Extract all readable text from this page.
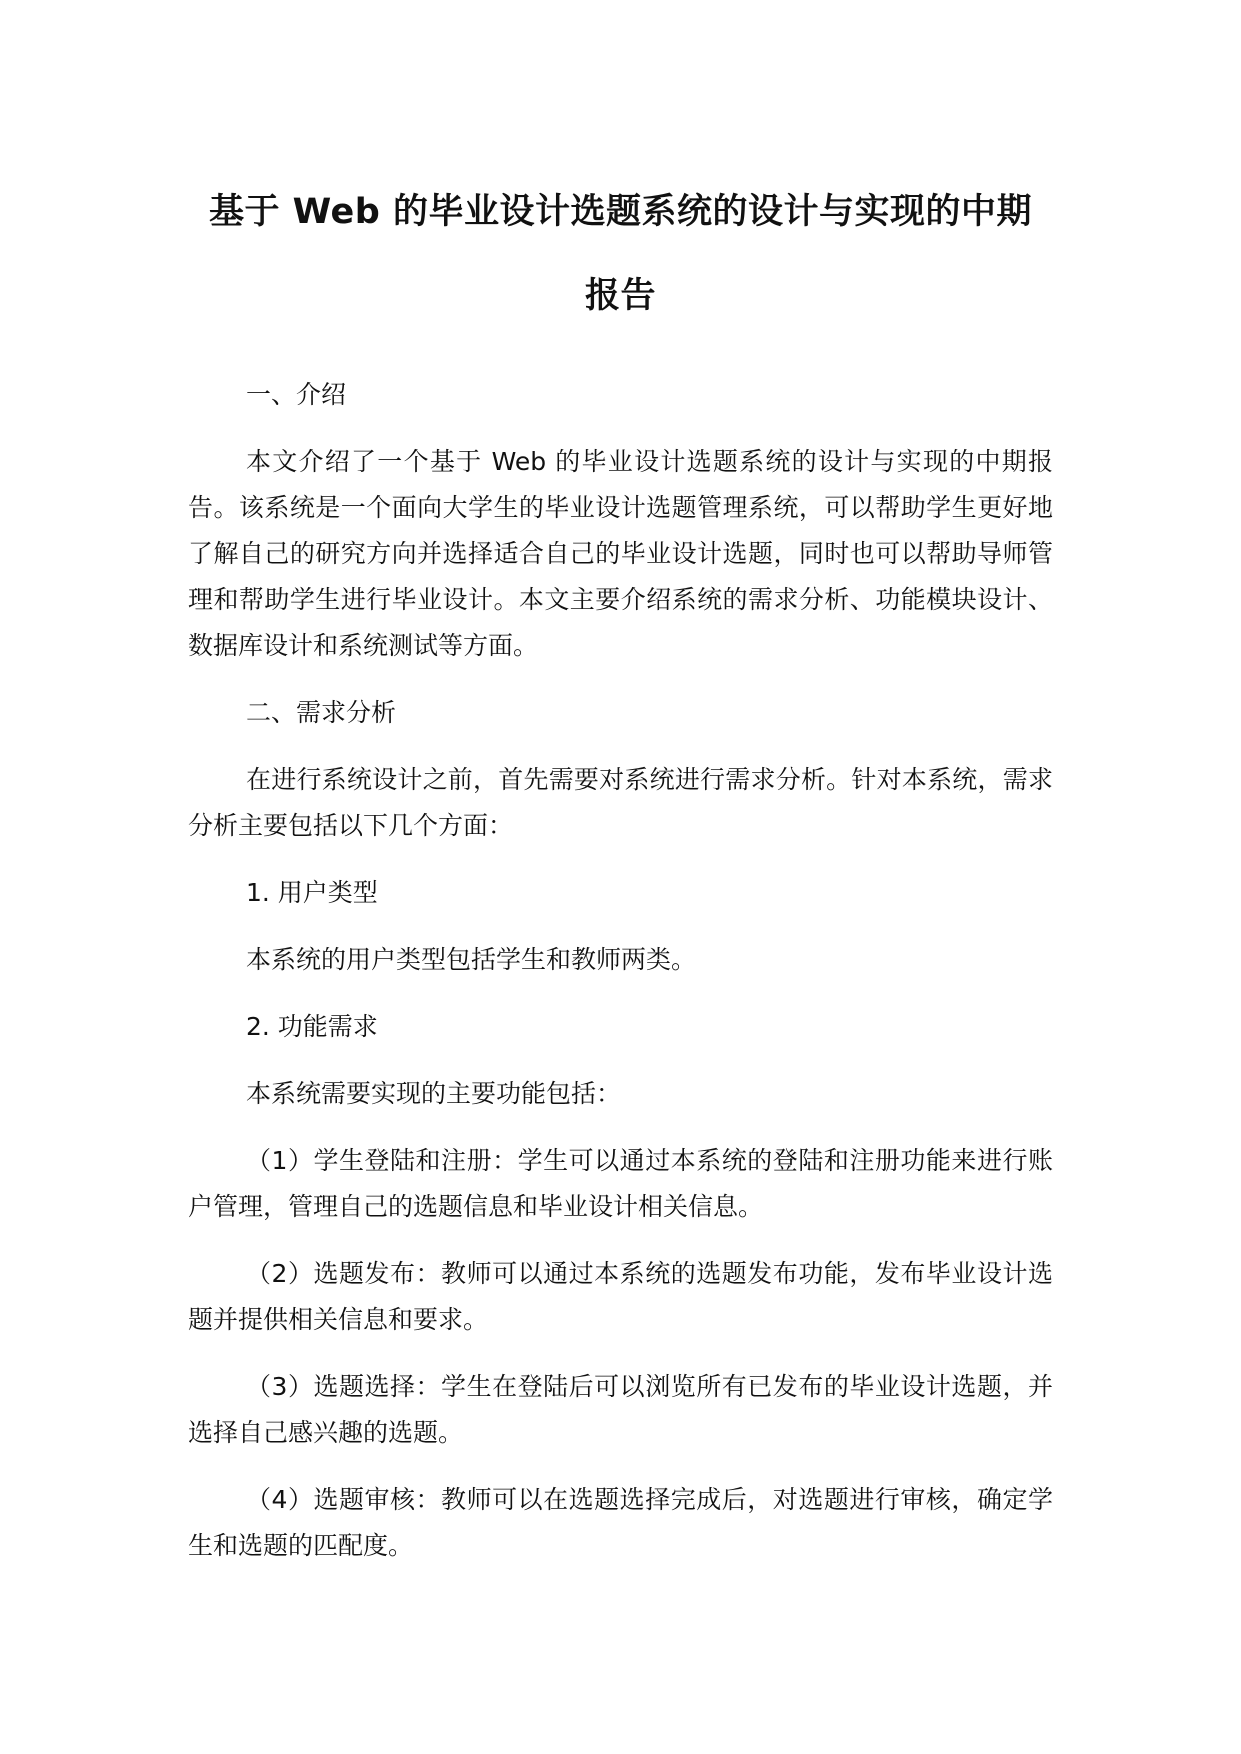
基于 Web 的毕业设计选题系统的设计与实现的中期
报告

一、介绍

本文介绍了一个基于 Web 的毕业设计选题系统的设计与实现的中期报告。该系统是一个面向大学生的毕业设计选题管理系统，可以帮助学生更好地了解自己的研究方向并选择适合自己的毕业设计选题，同时也可以帮助导师管理和帮助学生进行毕业设计。本文主要介绍系统的需求分析、功能模块设计、数据库设计和系统测试等方面。

二、需求分析

在进行系统设计之前，首先需要对系统进行需求分析。针对本系统，需求分析主要包括以下几个方面：

1. 用户类型

本系统的用户类型包括学生和教师两类。

2. 功能需求

本系统需要实现的主要功能包括：

（1）学生登陆和注册：学生可以通过本系统的登陆和注册功能来进行账户管理，管理自己的选题信息和毕业设计相关信息。

（2）选题发布：教师可以通过本系统的选题发布功能，发布毕业设计选题并提供相关信息和要求。

（3）选题选择：学生在登陆后可以浏览所有已发布的毕业设计选题，并选择自己感兴趣的选题。

（4）选题审核：教师可以在选题选择完成后，对选题进行审核，确定学生和选题的匹配度。
